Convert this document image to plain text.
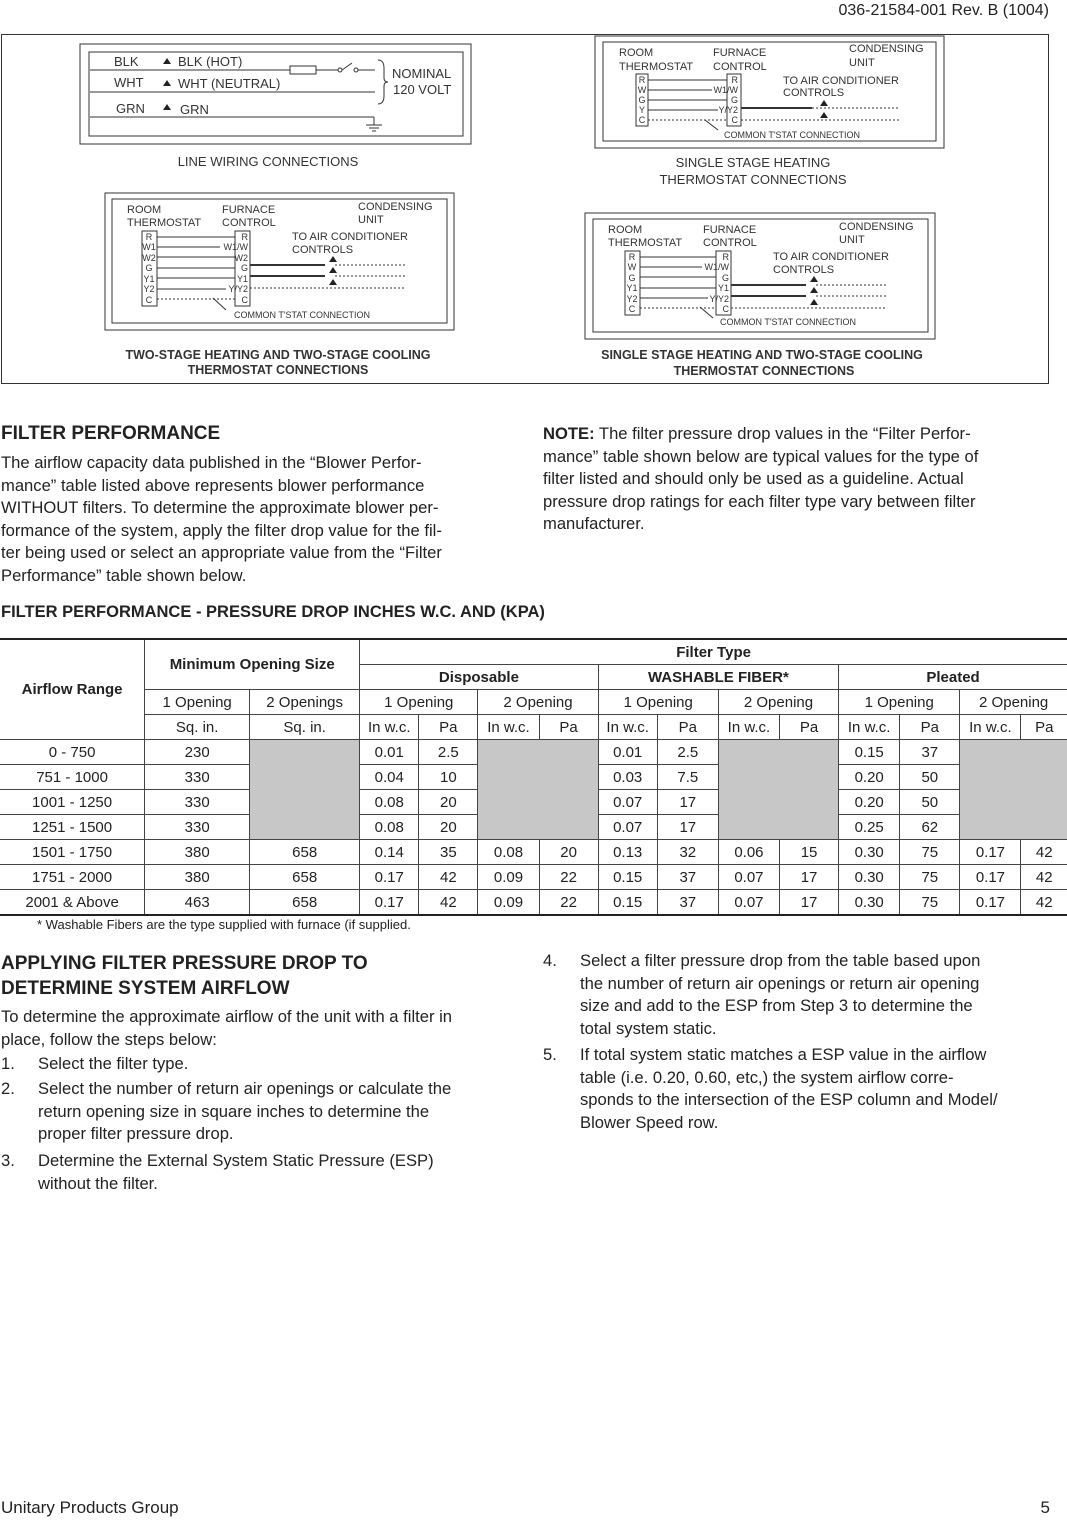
036-21584-001 Rev. B (1004)
BLK
WHT
GRN
BLK (HOT)
WHT (NEUTRAL)
GRN
NOMINAL
120 VOLT
LINE WIRING CONNECTIONS
ROOM
THERMOSTAT
FURNACE
CONTROL
CONDENSING
UNIT
TO AIR CONDITIONER
CONTROLS
R
W
G
Y
C
R
W1/W
G
Y/Y2
C
COMMON T'STAT CONNECTION
SINGLE STAGE HEATING
THERMOSTAT CONNECTIONS
ROOM
THERMOSTAT
FURNACE
CONTROL
CONDENSING
UNIT
TO AIR CONDITIONER
CONTROLS
R
W1
W2
G
Y1
Y2
C
R
W1/W
W2
G
Y1
Y/Y2
C
COMMON T'STAT CONNECTION
TWO-STAGE HEATING AND TWO-STAGE COOLING
THERMOSTAT CONNECTIONS
ROOM
THERMOSTAT
FURNACE
CONTROL
CONDENSING
UNIT
TO AIR CONDITIONER
CONTROLS
R
W
G
Y1
Y2
C
R
W1/W
G
Y1
Y/Y2
C
COMMON T'STAT CONNECTION
SINGLE STAGE HEATING AND TWO-STAGE COOLING
THERMOSTAT CONNECTIONS
FILTER PERFORMANCE
The airflow capacity data published in the “Blower Perfor-
mance” table listed above represents blower performance
WITHOUT filters. To determine the approximate blower per-
formance of the system, apply the filter drop value for the fil-
ter being used or select an appropriate value from the “Filter
Performance” table shown below.
NOTE: The filter pressure drop values in the “Filter Perfor-
mance” table shown below are typical values for the type of
filter listed and should only be used as a guideline. Actual
pressure drop ratings for each filter type vary between filter
manufacturer.
FILTER PERFORMANCE - PRESSURE DROP INCHES W.C. AND (KPA)
Airflow Range	Minimum Opening Size		Filter Type											
			Disposable				WASHABLE FIBER*				Pleated			
	1 Opening	2 Openings	1 Opening		2 Opening		1 Opening		2 Opening		1 Opening		2 Opening	
	Sq. in.	Sq. in.	In w.c.	Pa	In w.c.	Pa	In w.c.	Pa	In w.c.	Pa	In w.c.	Pa	In w.c.	Pa
0 - 750	230		0.01	2.5			0.01	2.5			0.15	37		
751 - 1000	330		0.04	10			0.03	7.5			0.20	50		
1001 - 1250	330		0.08	20			0.07	17			0.20	50		
1251 - 1500	330		0.08	20			0.07	17			0.25	62		
1501 - 1750	380	658	0.14	35	0.08	20	0.13	32	0.06	15	0.30	75	0.17	42
1751 - 2000	380	658	0.17	42	0.09	22	0.15	37	0.07	17	0.30	75	0.17	42
2001 & Above	463	658	0.17	42	0.09	22	0.15	37	0.07	17	0.30	75	0.17	42
* Washable Fibers are the type supplied with furnace (if supplied.
APPLYING FILTER PRESSURE DROP TO
DETERMINE SYSTEM AIRFLOW
To determine the approximate airflow of the unit with a filter in
place, follow the steps below:
1. Select the filter type.
2. Select the number of return air openings or calculate the
return opening size in square inches to determine the
proper filter pressure drop.
3. Determine the External System Static Pressure (ESP)
without the filter.
4. Select a filter pressure drop from the table based upon
the number of return air openings or return air opening
size and add to the ESP from Step 3 to determine the
total system static.
5. If total system static matches a ESP value in the airflow
table (i.e. 0.20, 0.60, etc,) the system airflow corre-
sponds to the intersection of the ESP column and Model/
Blower Speed row.
Unitary Products Group	5
